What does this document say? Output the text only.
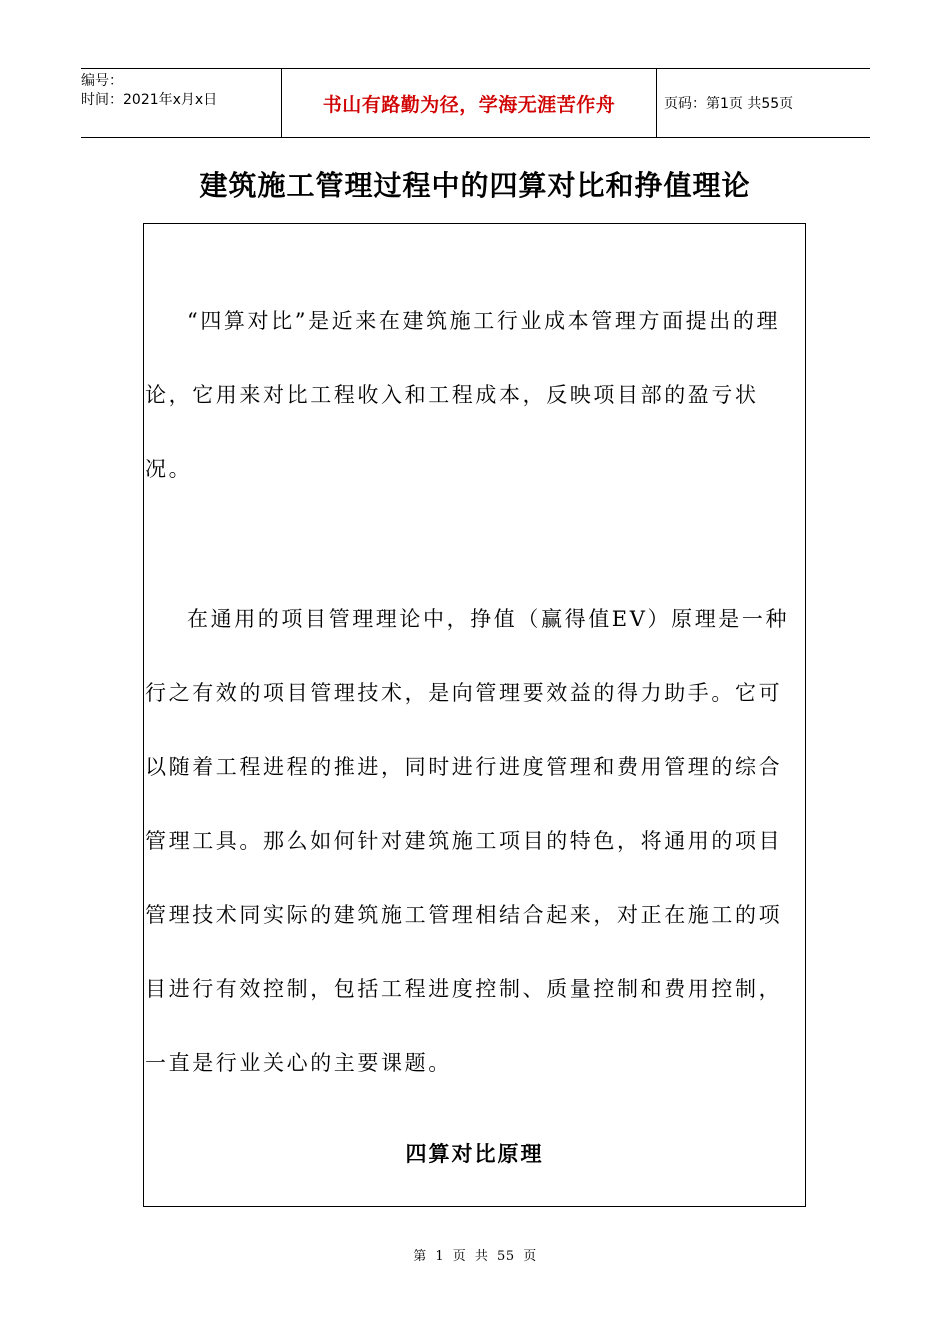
编号：
时间：2021年x月x日	书山有路勤为径，学海无涯苦作舟	页码：第1页 共55页
建筑施工管理过程中的四算对比和挣值理论

“四算对比”是近来在建筑施工行业成本管理方面提出的理论，它用来对比工程收入和工程成本，反映项目部的盈亏状况。

在通用的项目管理理论中，挣值（赢得值EV）原理是一种行之有效的项目管理技术，是向管理要效益的得力助手。它可以随着工程进程的推进，同时进行进度管理和费用管理的综合管理工具。那么如何针对建筑施工项目的特色，将通用的项目管理技术同实际的建筑施工管理相结合起来，对正在施工的项目进行有效控制，包括工程进度控制、质量控制和费用控制，一直是行业关心的主要课题。

四算对比原理
第 1 页 共 55 页
